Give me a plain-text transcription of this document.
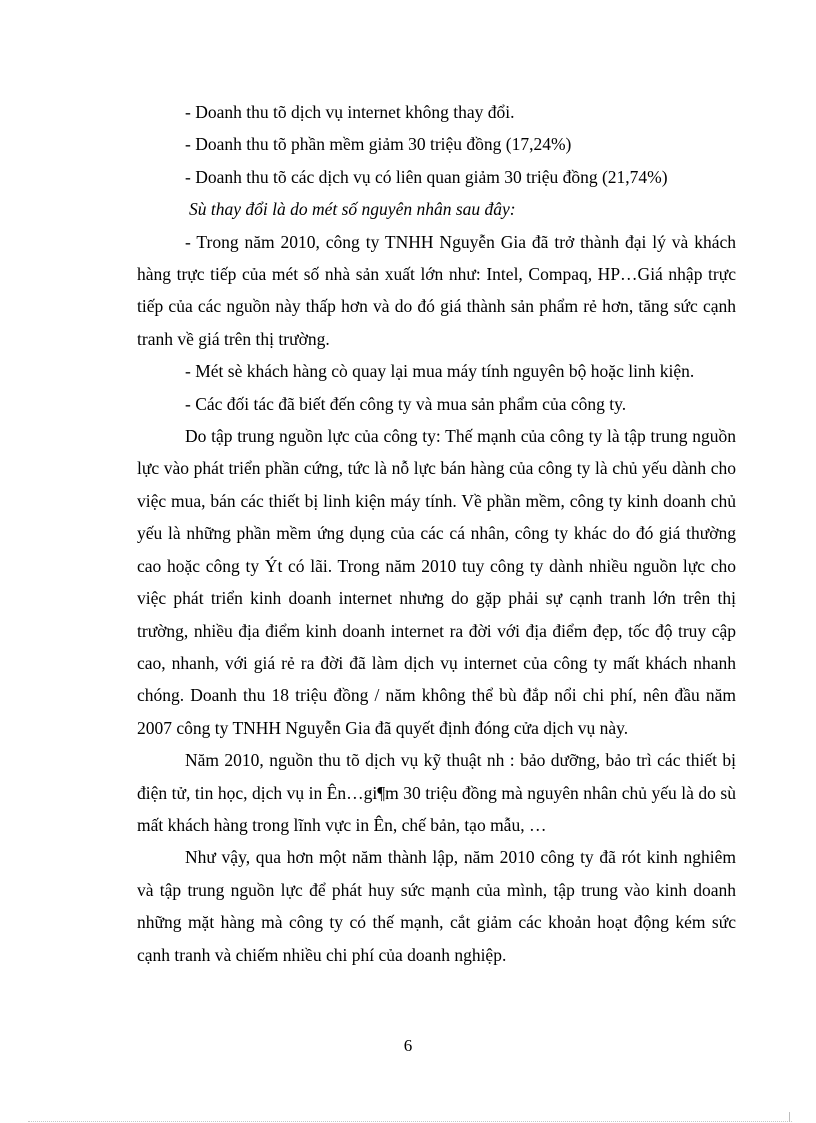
- Doanh thu tõ dịch vụ internet không thay đổi.

- Doanh thu tõ phần mềm giảm 30 triệu đồng (17,24%)

- Doanh thu tõ các dịch vụ có liên quan giảm 30 triệu đồng (21,74%)

Sù thay đổi là do mét số nguyên nhân sau đây:

- Trong năm 2010, công ty TNHH Nguyễn Gia đã trở thành đại lý và khách hàng trực tiếp của mét số nhà sản xuất lớn như: Intel, Compaq, HP…Giá nhập trực tiếp của các nguồn này thấp hơn và do đó giá thành sản phẩm rẻ hơn, tăng sức cạnh tranh về giá trên thị trường.

- Mét sè khách hàng cò quay lại mua máy tính nguyên bộ hoặc linh kiện.

- Các đối tác đã biết đến công ty và mua sản phẩm của công ty.

Do tập trung nguồn lực của công ty: Thế mạnh của công ty là tập trung nguồn lực vào phát triển phần cứng, tức là nỗ lực bán hàng của công ty là chủ yếu dành cho việc mua, bán các thiết bị linh kiện máy tính. Về phần mềm, công ty kinh doanh chủ yếu là những phần mềm ứng dụng của các cá nhân, công ty khác do đó giá thường cao hoặc công ty Ýt có lãi. Trong năm 2010 tuy công ty dành nhiều nguồn lực cho việc phát triển kinh doanh internet nhưng do gặp phải sự cạnh tranh lớn trên thị trường, nhiều địa điểm kinh doanh internet ra đời với địa điểm đẹp, tốc độ truy cập cao, nhanh, với giá rẻ ra đời đã làm dịch vụ internet của công ty mất khách nhanh chóng. Doanh thu 18 triệu đồng / năm không thể bù đắp nổi chi phí, nên đầu năm 2007 công ty TNHH Nguyễn Gia đã quyết định đóng cửa dịch vụ này.

Năm 2010, nguồn thu tõ dịch vụ kỹ thuật nh : bảo dưỡng, bảo trì các thiết bị điện tử, tin học, dịch vụ in Ên…gi¶m 30 triệu đồng mà nguyên nhân chủ yếu là do sù mất khách hàng trong lĩnh vực in Ên, chế bản, tạo mẫu, …

Như vậy, qua hơn một năm thành lập, năm 2010 công ty đã rót kinh nghiêm và tập trung nguồn lực để phát huy sức mạnh của mình, tập trung vào kinh doanh những mặt hàng mà công ty có thế mạnh, cắt giảm các khoản hoạt động kém sức cạnh tranh và chiếm nhiều chi phí của doanh nghiệp.

6
